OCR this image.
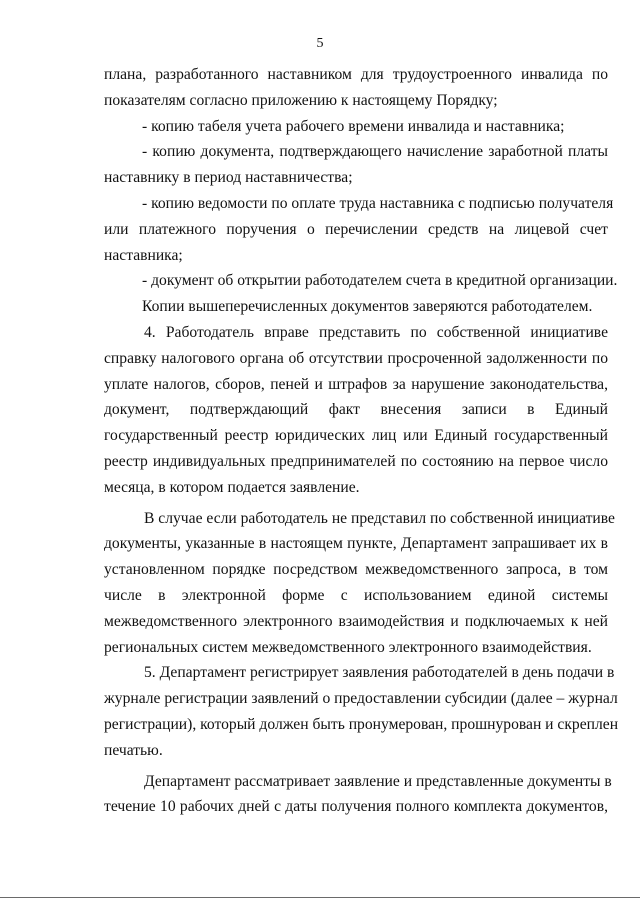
5
плана, разработанного наставником для трудоустроенного инвалида по
показателям согласно приложению к настоящему Порядку;
- копию табеля учета рабочего времени инвалида и наставника;
- копию документа, подтверждающего начисление заработной платы
наставнику в период наставничества;
- копию ведомости по оплате труда наставника с подписью получателя
или платежного поручения о перечислении средств на лицевой счет
наставника;
- документ об открытии работодателем счета в кредитной организации.
Копии вышеперечисленных документов заверяются работодателем.
4. Работодатель вправе представить по собственной инициативе
справку налогового органа об отсутствии просроченной задолженности по
уплате налогов, сборов, пеней и штрафов за нарушение законодательства,
документ, подтверждающий факт внесения записи в Единый
государственный реестр юридических лиц или Единый государственный
реестр индивидуальных предпринимателей по состоянию на первое число
месяца, в котором подается заявление.
В случае если работодатель не представил по собственной инициативе
документы, указанные в настоящем пункте, Департамент запрашивает их в
установленном порядке посредством межведомственного запроса, в том
числе в электронной форме с использованием единой системы
межведомственного электронного взаимодействия и подключаемых к ней
региональных систем межведомственного электронного взаимодействия.
5. Департамент регистрирует заявления работодателей в день подачи в
журнале регистрации заявлений о предоставлении субсидии (далее – журнал
регистрации), который должен быть пронумерован, прошнурован и скреплен
печатью.
Департамент рассматривает заявление и представленные документы в
течение 10 рабочих дней с даты получения полного комплекта документов,
